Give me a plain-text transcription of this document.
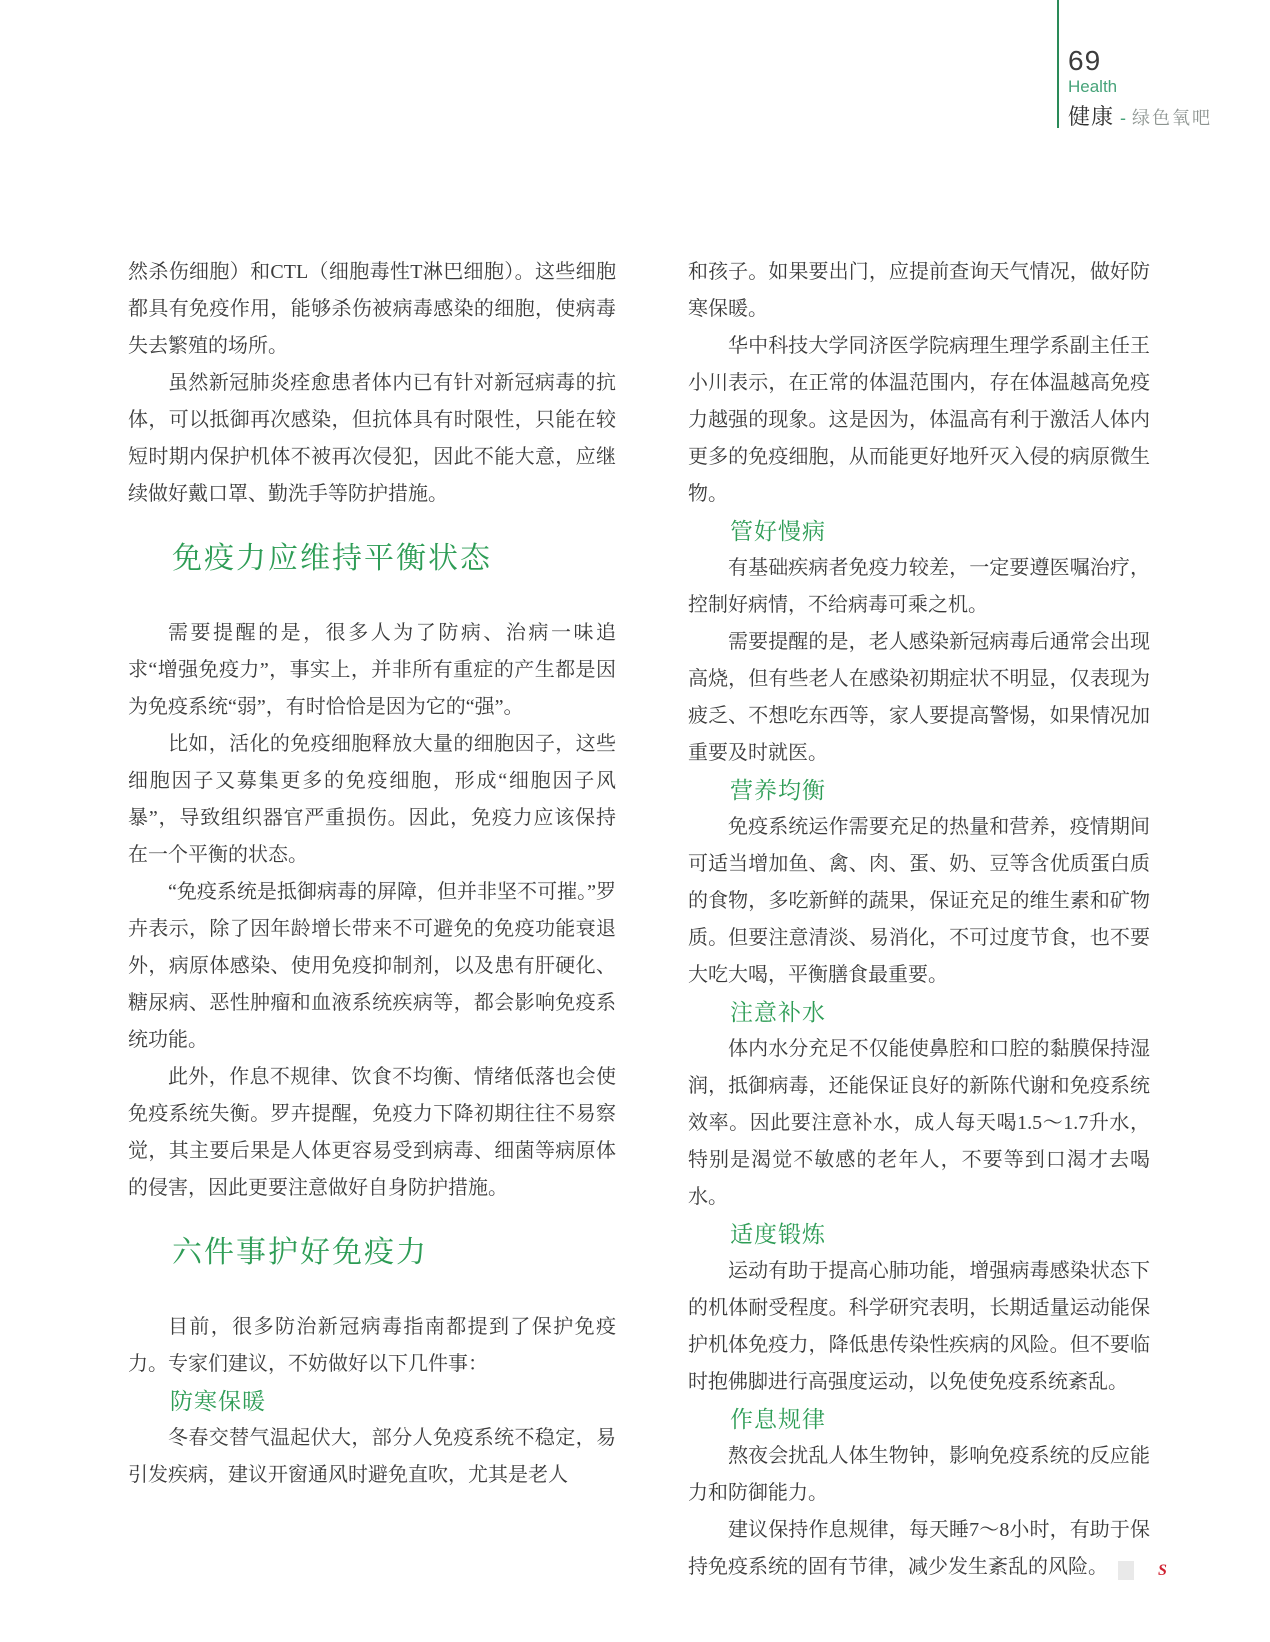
69
Health
健康 - 绿色氧吧

然杀伤细胞）和CTL（细胞毒性T淋巴细胞）。这些细胞都具有免疫作用，能够杀伤被病毒感染的细胞，使病毒失去繁殖的场所。

虽然新冠肺炎痊愈患者体内已有针对新冠病毒的抗体，可以抵御再次感染，但抗体具有时限性，只能在较短时期内保护机体不被再次侵犯，因此不能大意，应继续做好戴口罩、勤洗手等防护措施。

免疫力应维持平衡状态

需要提醒的是，很多人为了防病、治病一味追求“增强免疫力”，事实上，并非所有重症的产生都是因为免疫系统“弱”，有时恰恰是因为它的“强”。

比如，活化的免疫细胞释放大量的细胞因子，这些细胞因子又募集更多的免疫细胞，形成“细胞因子风暴”，导致组织器官严重损伤。因此，免疫力应该保持在一个平衡的状态。

“免疫系统是抵御病毒的屏障，但并非坚不可摧。”罗卉表示，除了因年龄增长带来不可避免的免疫功能衰退外，病原体感染、使用免疫抑制剂，以及患有肝硬化、糖尿病、恶性肿瘤和血液系统疾病等，都会影响免疫系统功能。

此外，作息不规律、饮食不均衡、情绪低落也会使免疫系统失衡。罗卉提醒，免疫力下降初期往往不易察觉，其主要后果是人体更容易受到病毒、细菌等病原体的侵害，因此更要注意做好自身防护措施。

六件事护好免疫力

目前，很多防治新冠病毒指南都提到了保护免疫力。专家们建议，不妨做好以下几件事：

防寒保暖

冬春交替气温起伏大，部分人免疫系统不稳定，易引发疾病，建议开窗通风时避免直吹，尤其是老人

和孩子。如果要出门，应提前查询天气情况，做好防寒保暖。

华中科技大学同济医学院病理生理学系副主任王小川表示，在正常的体温范围内，存在体温越高免疫力越强的现象。这是因为，体温高有利于激活人体内更多的免疫细胞，从而能更好地歼灭入侵的病原微生物。

管好慢病

有基础疾病者免疫力较差，一定要遵医嘱治疗，控制好病情，不给病毒可乘之机。

需要提醒的是，老人感染新冠病毒后通常会出现高烧，但有些老人在感染初期症状不明显，仅表现为疲乏、不想吃东西等，家人要提高警惕，如果情况加重要及时就医。

营养均衡

免疫系统运作需要充足的热量和营养，疫情期间可适当增加鱼、禽、肉、蛋、奶、豆等含优质蛋白质的食物，多吃新鲜的蔬果，保证充足的维生素和矿物质。但要注意清淡、易消化，不可过度节食，也不要大吃大喝，平衡膳食最重要。

注意补水

体内水分充足不仅能使鼻腔和口腔的黏膜保持湿润，抵御病毒，还能保证良好的新陈代谢和免疫系统效率。因此要注意补水，成人每天喝1.5～1.7升水，特别是渴觉不敏感的老年人，不要等到口渴才去喝水。

适度锻炼

运动有助于提高心肺功能，增强病毒感染状态下的机体耐受程度。科学研究表明，长期适量运动能保护机体免疫力，降低患传染性疾病的风险。但不要临时抱佛脚进行高强度运动，以免使免疫系统紊乱。

作息规律

熬夜会扰乱人体生物钟，影响免疫系统的反应能力和防御能力。

建议保持作息规律，每天睡7～8小时，有助于保持免疫系统的固有节律，减少发生紊乱的风险。	S
